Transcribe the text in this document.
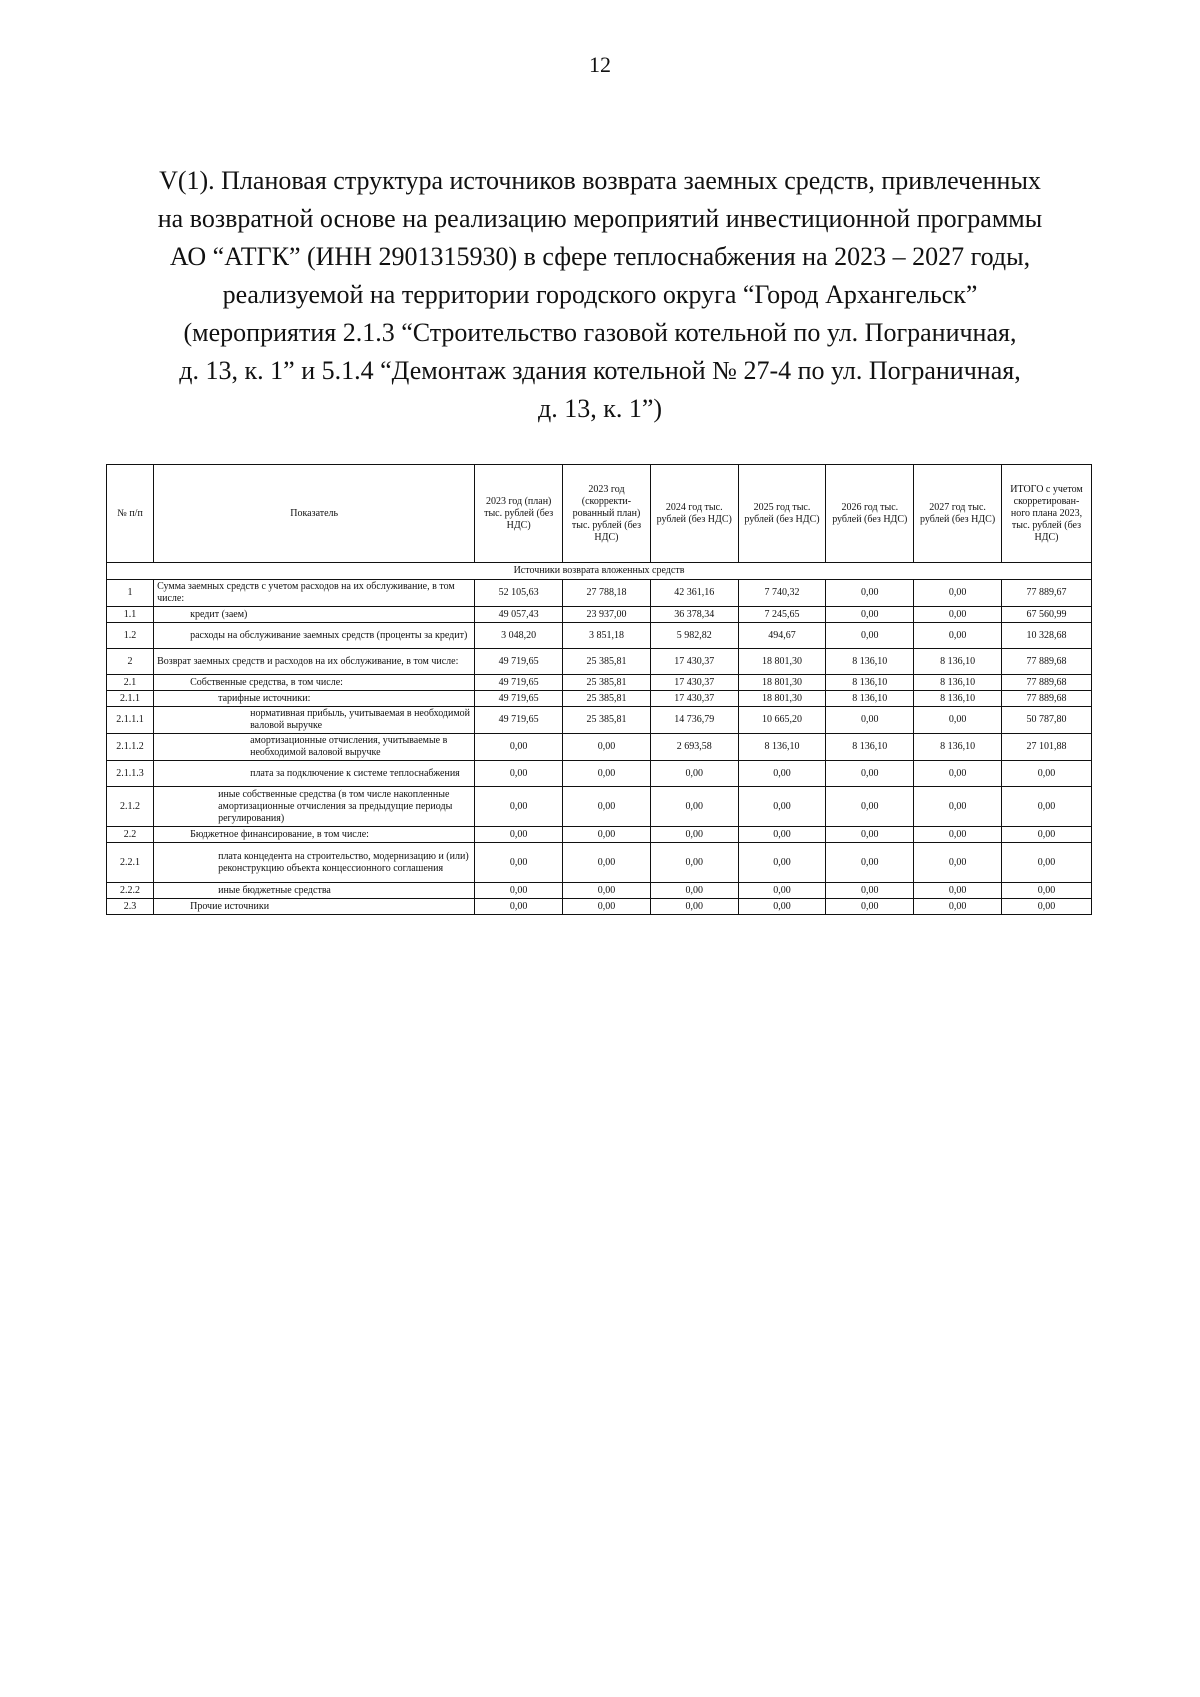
12
V(1). Плановая структура источников возврата заемных средств, привлеченных
на возвратной основе на реализацию мероприятий инвестиционной программы
АО “АТГК” (ИНН 2901315930) в сфере теплоснабжения на 2023 – 2027 годы,
реализуемой на территории городского округа “Город Архангельск”
(мероприятия 2.1.3 “Строительство газовой котельной по ул. Пограничная,
д. 13, к. 1” и 5.1.4 “Демонтаж здания котельной № 27-4 по ул. Пограничная,
д. 13, к. 1”)
№ п/п	Показатель	2023 год (план) тыс. рублей (без НДС)	2023 год (скорректи-рованный план) тыс. рублей (без НДС)	2024 год тыс. рублей (без НДС)	2025 год тыс. рублей (без НДС)	2026 год тыс. рублей (без НДС)	2027 год тыс. рублей (без НДС)	ИТОГО с учетом скорретирован-ного плана 2023, тыс. рублей (без НДС)
Источники возврата вложенных средств								
1	Сумма заемных средств с учетом расходов на их обслуживание, в том числе:	52 105,63	27 788,18	42 361,16	7 740,32	0,00	0,00	77 889,67
1.1	кредит (заем)	49 057,43	23 937,00	36 378,34	7 245,65	0,00	0,00	67 560,99
1.2	расходы на обслуживание заемных средств (проценты за кредит)	3 048,20	3 851,18	5 982,82	494,67	0,00	0,00	10 328,68
2	Возврат заемных средств и расходов на их обслуживание, в том числе:	49 719,65	25 385,81	17 430,37	18 801,30	8 136,10	8 136,10	77 889,68
2.1	Собственные средства, в том числе:	49 719,65	25 385,81	17 430,37	18 801,30	8 136,10	8 136,10	77 889,68
2.1.1	тарифные источники:	49 719,65	25 385,81	17 430,37	18 801,30	8 136,10	8 136,10	77 889,68
2.1.1.1	нормативная прибыль, учитываемая в необходимой валовой выручке	49 719,65	25 385,81	14 736,79	10 665,20	0,00	0,00	50 787,80
2.1.1.2	амортизационные отчисления, учитываемые в необходимой валовой выручке	0,00	0,00	2 693,58	8 136,10	8 136,10	8 136,10	27 101,88
2.1.1.3	плата за подключение к системе теплоснабжения	0,00	0,00	0,00	0,00	0,00	0,00	0,00
2.1.2	иные собственные средства (в том числе накопленные амортизационные отчисления за предыдущие периоды регулирования)	0,00	0,00	0,00	0,00	0,00	0,00	0,00
2.2	Бюджетное финансирование, в том числе:	0,00	0,00	0,00	0,00	0,00	0,00	0,00
2.2.1	плата концедента на строительство, модернизацию и (или) реконструкцию объекта концессионного соглашения	0,00	0,00	0,00	0,00	0,00	0,00	0,00
2.2.2	иные бюджетные средства	0,00	0,00	0,00	0,00	0,00	0,00	0,00
2.3	Прочие источники	0,00	0,00	0,00	0,00	0,00	0,00	0,00
